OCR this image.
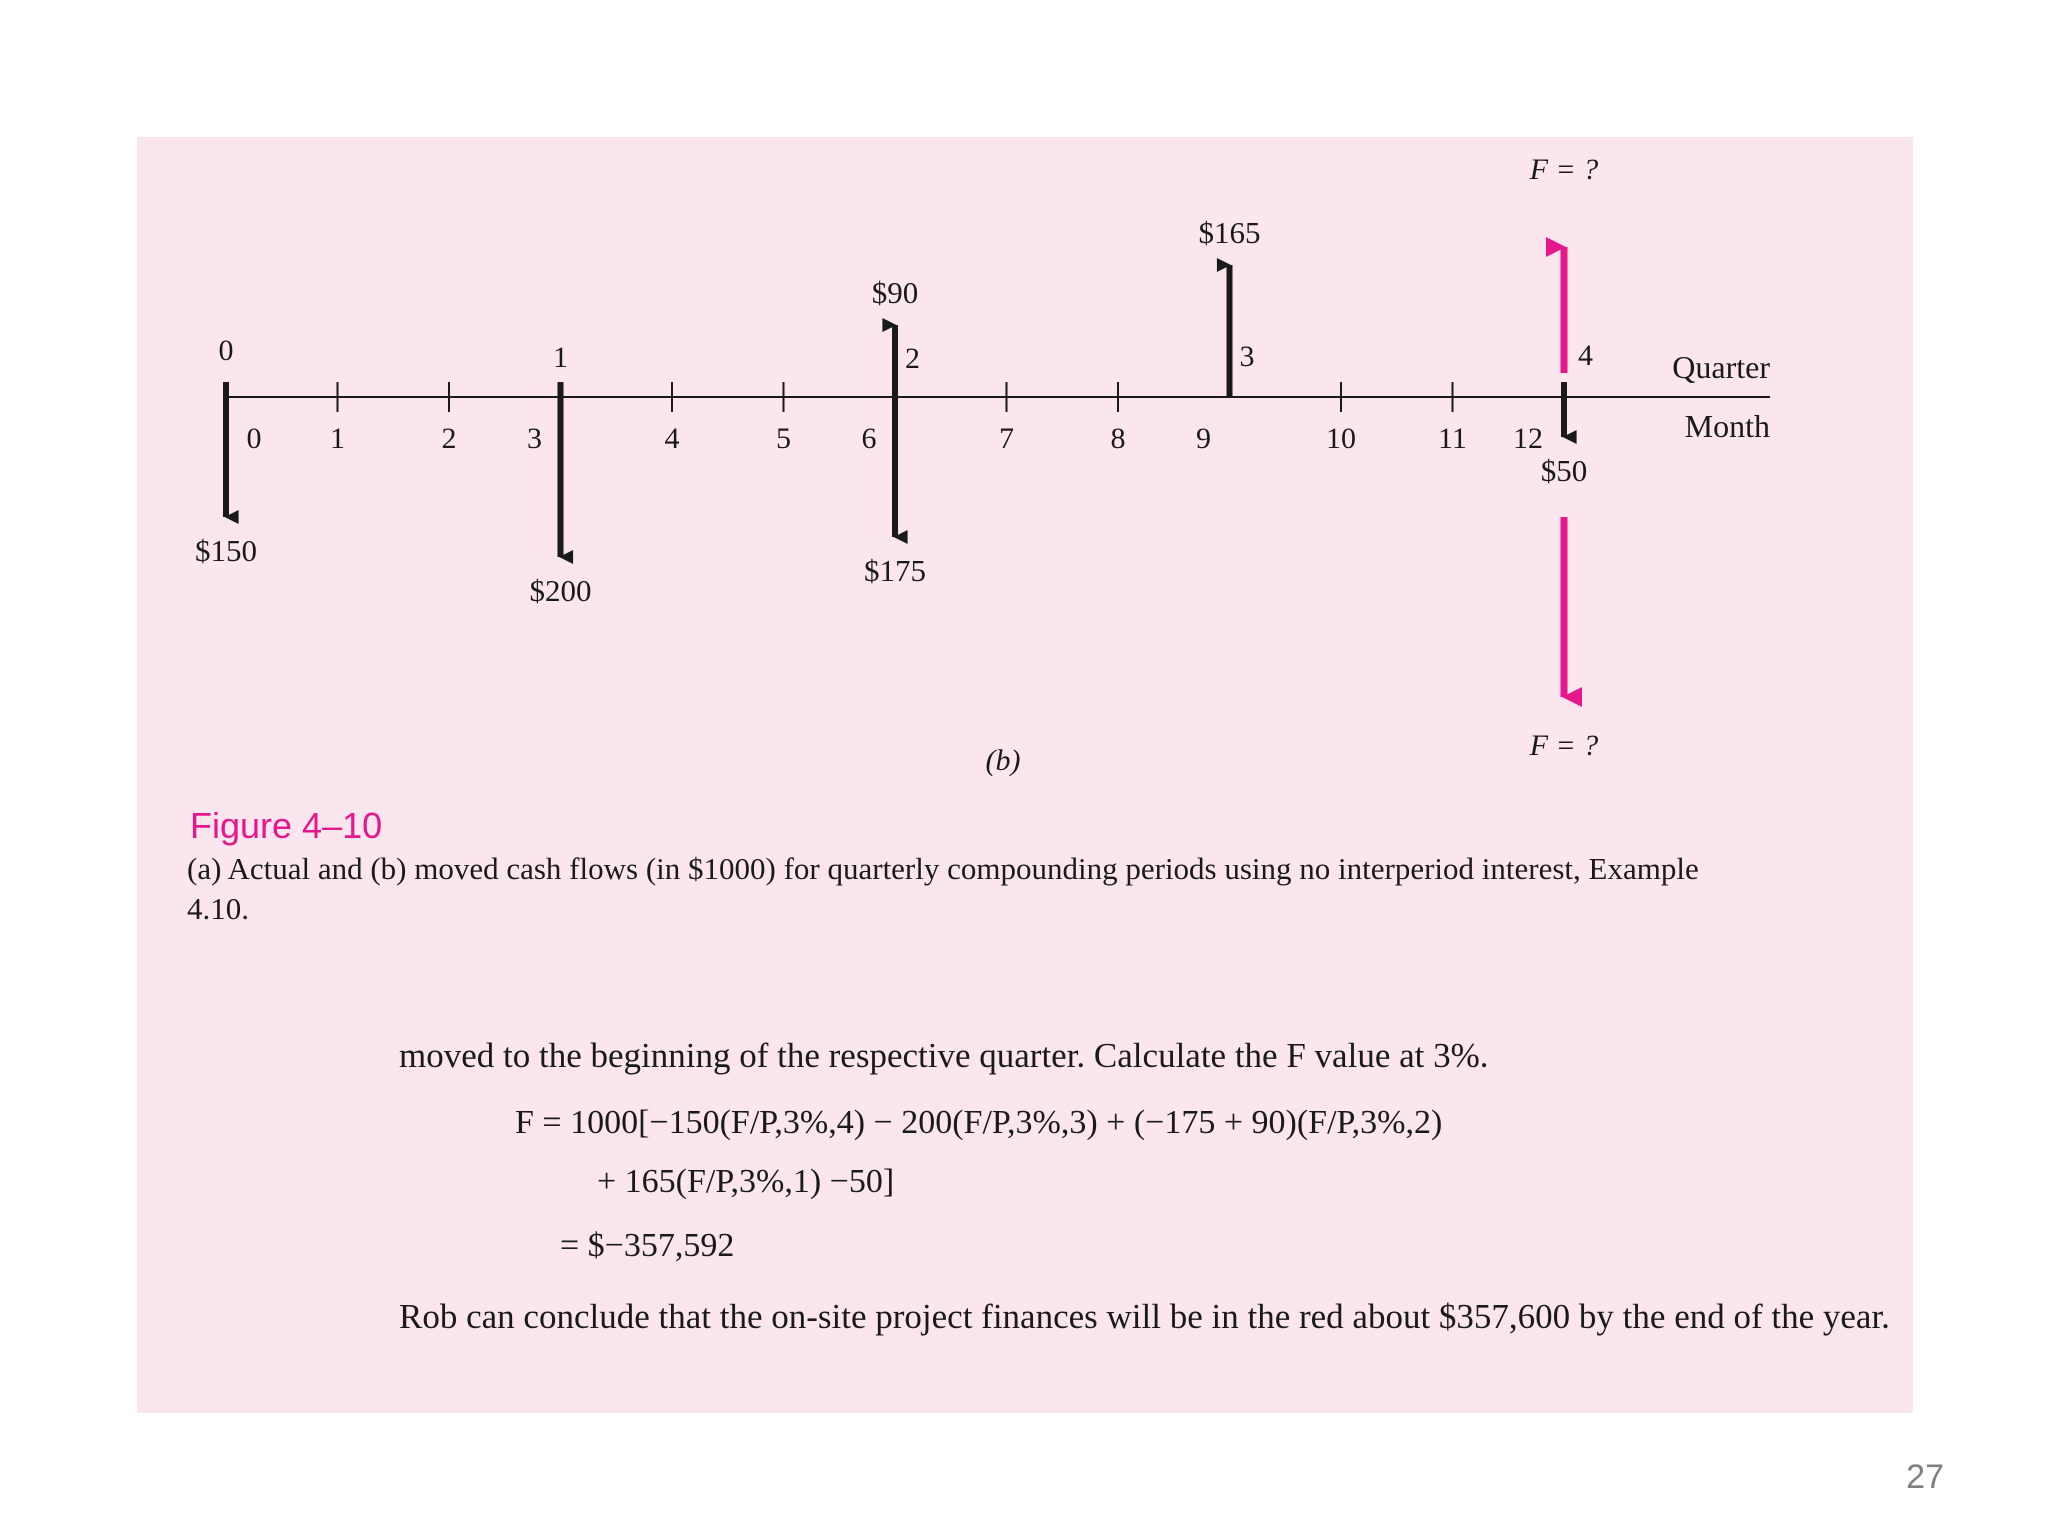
0 1	2 3	4	5 6	7	8 9	10	11 12
0	1	2	3	4
$150
$200
$90
$175
$165
$50
F = ?
F = ?
Quarter
Month
(b)
Figure 4–10

(a) Actual and (b) moved cash flows (in $1000) for quarterly compounding periods using no interperiod interest, Example 4.10.

moved to the beginning of the respective quarter. Calculate the F value at 3%.

F = 1000[−150(F/P,3%,4) − 200(F/P,3%,3) + (−175 + 90)(F/P,3%,2)

+ 165(F/P,3%,1) −50]

= $−357,592

Rob can conclude that the on-site project finances will be in the red about $357,600 by the end of the year.

27
